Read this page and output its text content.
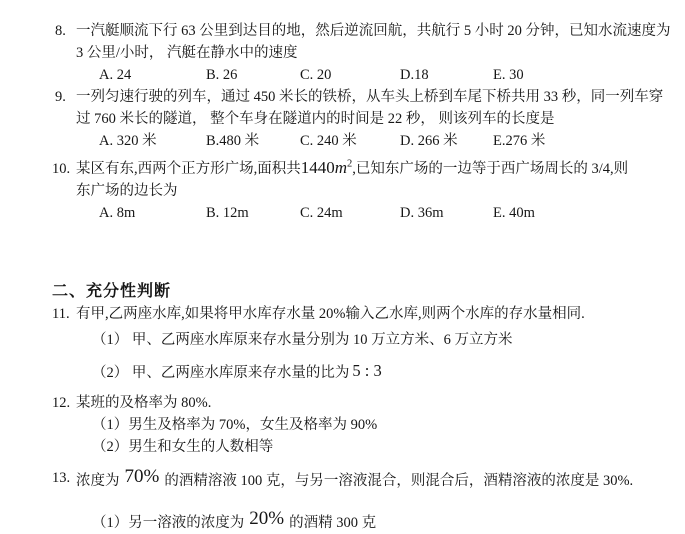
8. 一汽艇顺流下行 63 公里到达目的地，然后逆流回航，共航行 5 小时 20 分钟，已知水流速度为
3 公里/小时， 汽艇在静水中的速度
A. 24	B. 26	C. 20	D.18	E. 30
9. 一列匀速行驶的列车，通过 450 米长的铁桥，从车头上桥到车尾下桥共用 33 秒，同一列车穿
过 760 米长的隧道， 整个车身在隧道内的时间是 22 秒， 则该列车的长度是
A. 320 米	B.480 米	C. 240 米	D. 266 米 E.276 米
10. 某区有东,西两个正方形广场,面积共$1440m^2$,已知东广场的一边等于西广场周长的 3/4,则
东广场的边长为
A. 8m	B. 12m	C. 24m	D. 36m	E. 40m
二、充分性判断
11. 有甲,乙两座水库,如果将甲水库存水量 20%输入乙水库,则两个水库的存水量相同.
（1） 甲、乙两座水库原来存水量分别为 10 万立方米、6 万立方米
（2） 甲、乙两座水库原来存水量的比为 5 : 3
12. 某班的及格率为 80%.
（1）男生及格率为 70%，女生及格率为 90%
（2）男生和女生的人数相等
13. 浓度为 70% 的酒精溶液 100 克，与另一溶液混合，则混合后，酒精溶液的浓度是 30%.
（1）另一溶液的浓度为 20% 的酒精 300 克
